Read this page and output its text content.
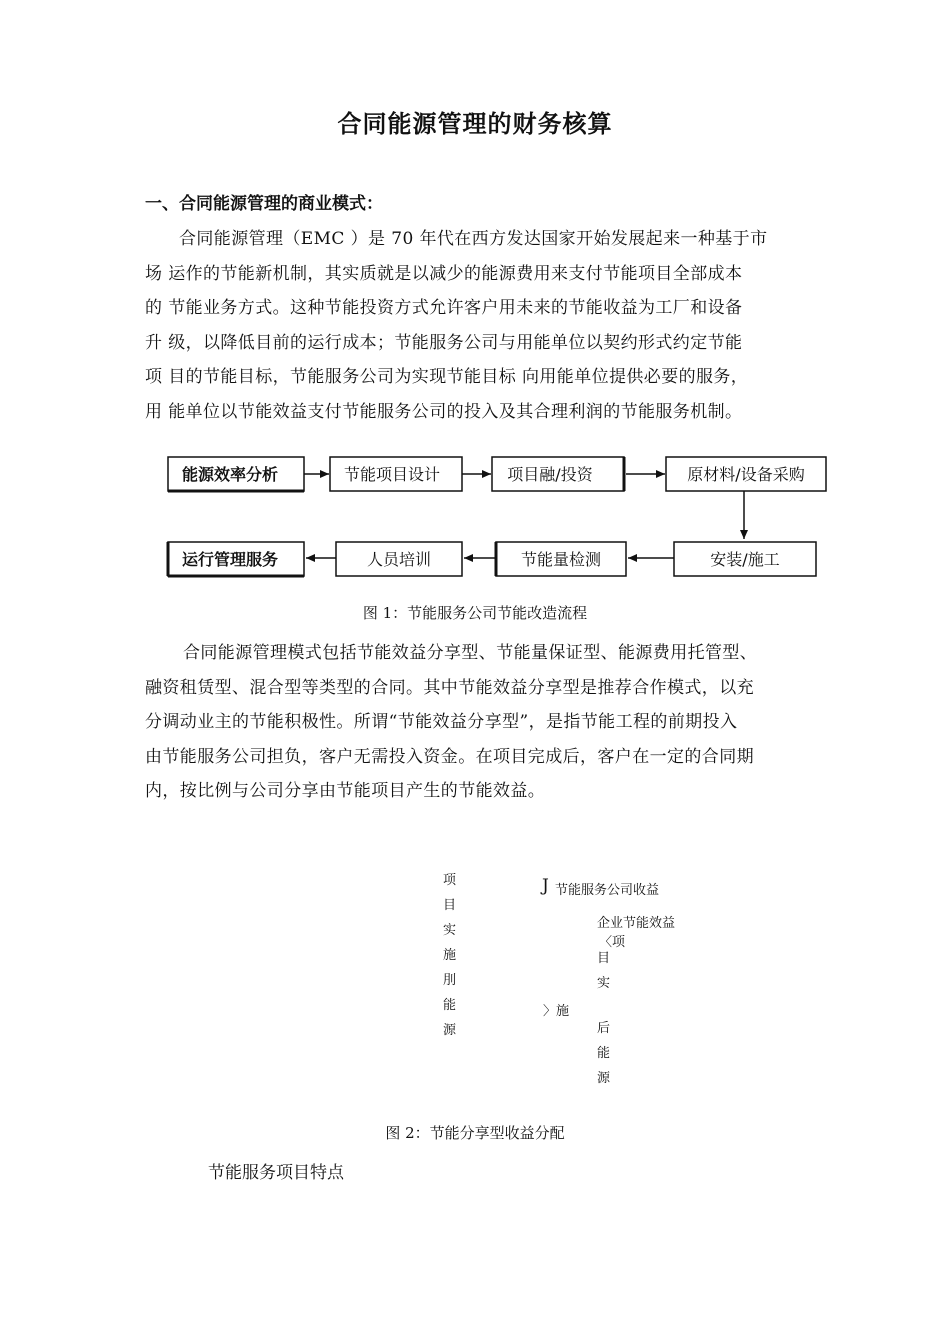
合同能源管理的财务核算
一、合同能源管理的商业模式：
合同能源管理（EMC ）是 70 年代在西方发达国家开始发展起来一种基于市
场 运作的节能新机制，其实质就是以减少的能源费用来支付节能项目全部成本
的 节能业务方式。这种节能投资方式允许客户用未来的节能收益为工厂和设备
升 级，以降低目前的运行成本；节能服务公司与用能单位以契约形式约定节能
项 目的节能目标，节能服务公司为实现节能目标 向用能单位提供必要的服务，
用 能单位以节能效益支付节能服务公司的投入及其合理利润的节能服务机制。
能源效率分析	节能项目设计	项目融/投资	原材料/设备采购
运行管理服务	人员培训	节能量检测	安装/施工
图 1：节能服务公司节能改造流程
合同能源管理模式包括节能效益分享型、节能量保证型、能源费用托管型、
融资租赁型、混合型等类型的合同。其中节能效益分享型是推荐合作模式，以充
分调动业主的节能积极性。所谓“节能效益分享型”，是指节能工程的前期投入
由节能服务公司担负，客户无需投入资金。在项目完成后，客户在一定的合同期
内，按比例与公司分享由节能项目产生的节能效益。
项
目
实
施
刖
能
源
J 节能服务公司收益
企业节能效益
〈项
目
实
〉施
后
能
源
图 2：节能分享型收益分配
节能服务项目特点
